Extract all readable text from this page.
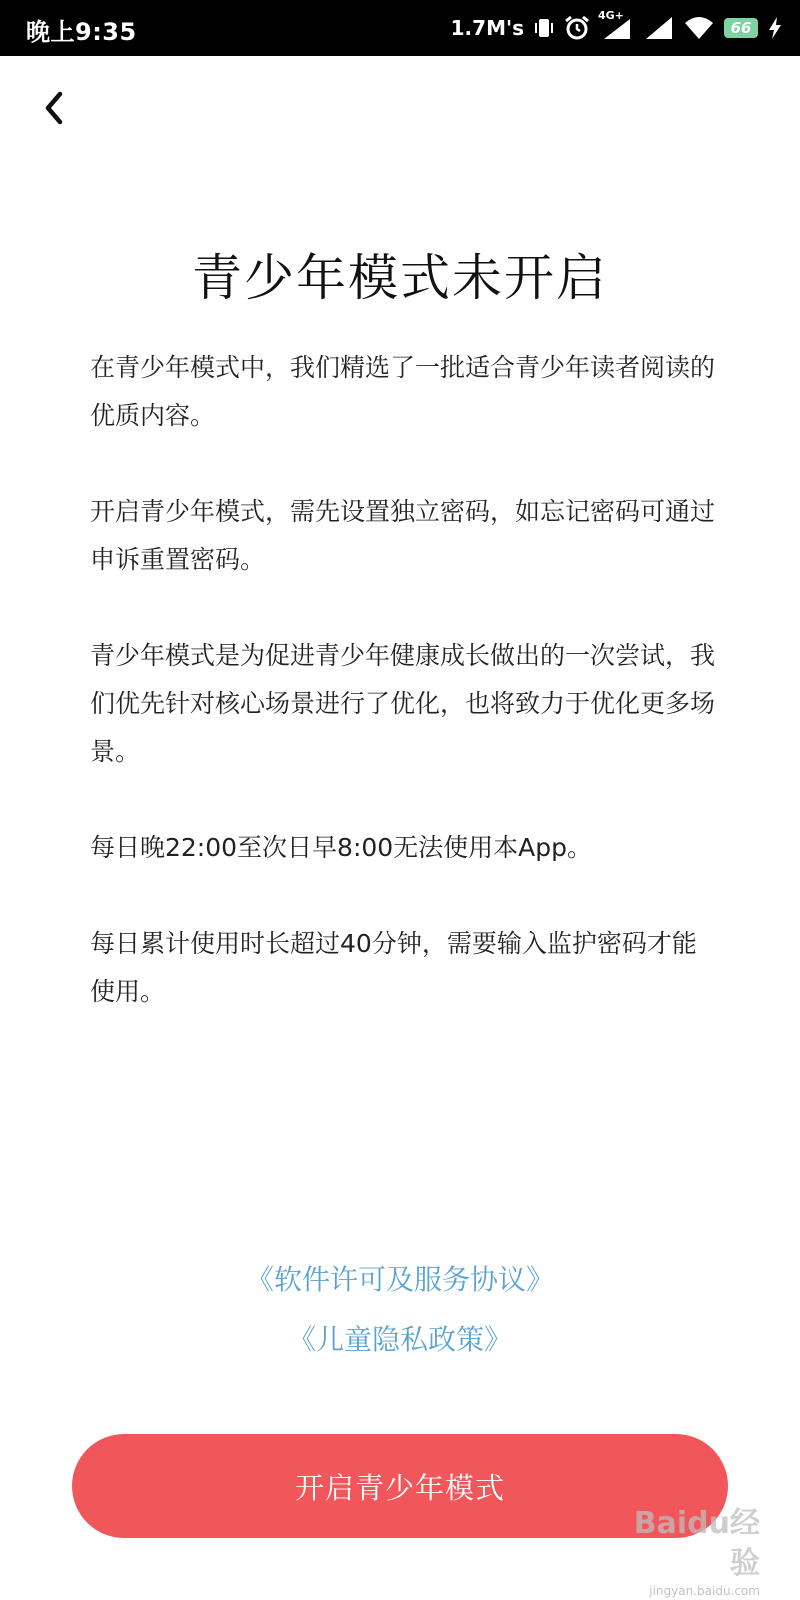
晚上9:35	1.7M's
4G+
66
青少年模式未开启

在青少年模式中，我们精选了一批适合青少年读者阅读的优质内容。

开启青少年模式，需先设置独立密码，如忘记密码可通过申诉重置密码。

青少年模式是为促进青少年健康成长做出的一次尝试，我们优先针对核心场景进行了优化，也将致力于优化更多场景。

每日晚22:00至次日早8:00无法使用本App。

每日累计使用时长超过40分钟，需要输入监护密码才能使用。

《软件许可及服务协议》
《儿童隐私政策》
开启青少年模式
Baidu经验
jingyan.baidu.com
